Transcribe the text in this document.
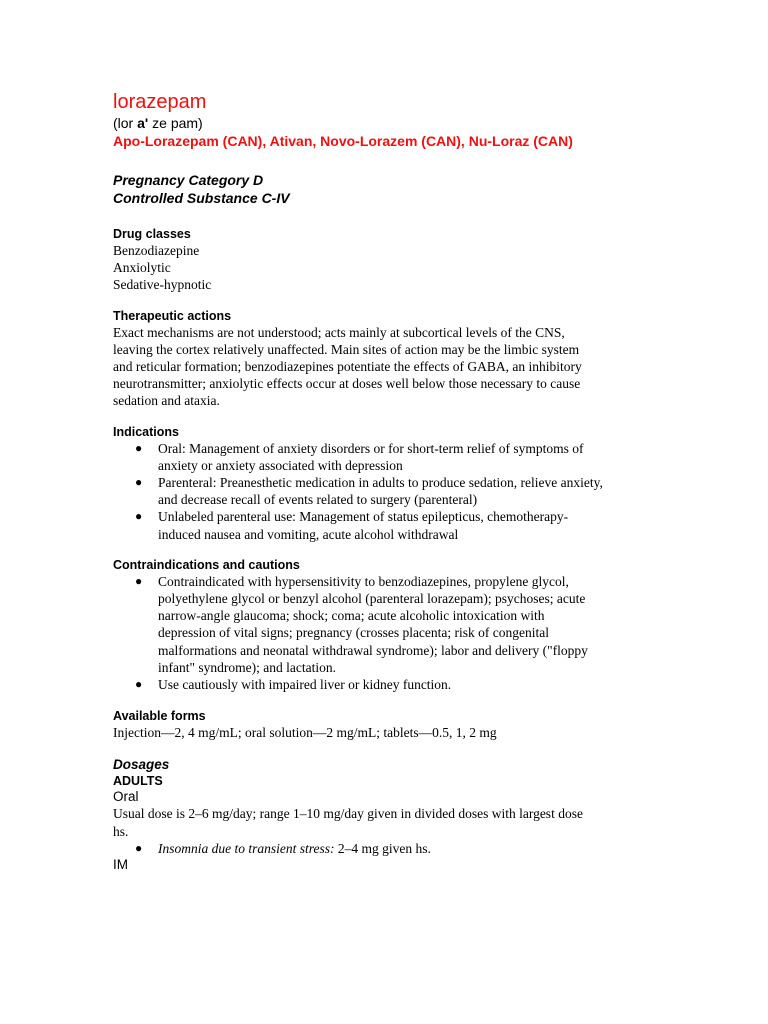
lorazepam

(lor a' ze pam)

Apo-Lorazepam (CAN), Ativan, Novo-Lorazem (CAN), Nu-Loraz (CAN)

Pregnancy Category D

Controlled Substance C-IV

Drug classes

Benzodiazepine

Anxiolytic

Sedative-hypnotic

Therapeutic actions

Exact mechanisms are not understood; acts mainly at subcortical levels of the CNS,

leaving the cortex relatively unaffected. Main sites of action may be the limbic system

and reticular formation; benzodiazepines potentiate the effects of GABA, an inhibitory

neurotransmitter; anxiolytic effects occur at doses well below those necessary to cause

sedation and ataxia.

Indications

● Oral: Management of anxiety disorders or for short-term relief of symptoms of
anxiety or anxiety associated with depression
● Parenteral: Preanesthetic medication in adults to produce sedation, relieve anxiety,
and decrease recall of events related to surgery (parenteral)
● Unlabeled parenteral use: Management of status epilepticus, chemotherapy-
induced nausea and vomiting, acute alcohol withdrawal

Contraindications and cautions

● Contraindicated with hypersensitivity to benzodiazepines, propylene glycol,
polyethylene glycol or benzyl alcohol (parenteral lorazepam); psychoses; acute
narrow-angle glaucoma; shock; coma; acute alcoholic intoxication with
depression of vital signs; pregnancy (crosses placenta; risk of congenital
malformations and neonatal withdrawal syndrome); labor and delivery ("floppy
infant" syndrome); and lactation.
● Use cautiously with impaired liver or kidney function.

Available forms

Injection—2, 4 mg/mL; oral solution—2 mg/mL; tablets—0.5, 1, 2 mg

Dosages

ADULTS

Oral

Usual dose is 2–6 mg/day; range 1–10 mg/day given in divided doses with largest dose

hs.

● Insomnia due to transient stress: 2–4 mg given hs.

IM
